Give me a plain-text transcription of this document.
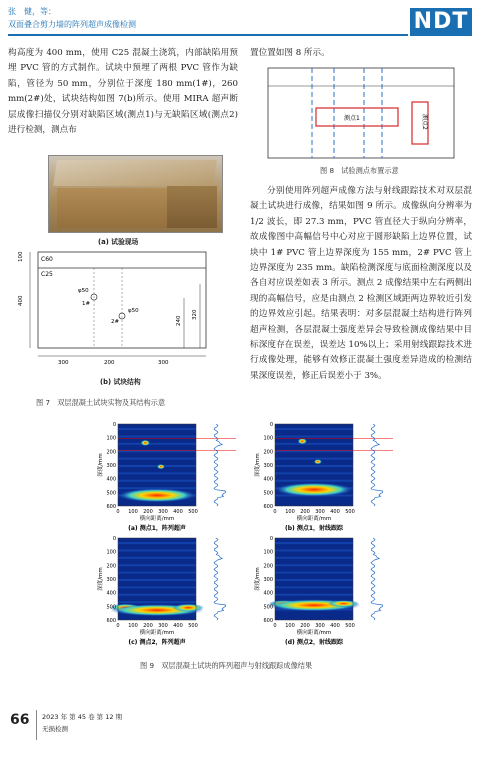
张　健，等：
双面叠合剪力墙的阵列超声成像检测	NDT
构高度为 400 mm，使用 C25 混凝土浇筑，内部缺陷用预埋 PVC 管的方式制作。试块中预埋了两根 PVC 管作为缺陷，管径为 50 mm，分别位于深度 180 mm(1#)，260 mm(2#)处，试块结构如图 7(b)所示。使用 MIRA 超声断层成像扫描仪分别对缺陷区域(测点1)与无缺陷区域(测点2)进行检测，测点布
(a) 试验现场
C60
C25
φ50
1#
φ50
2#
100
400
240
320
300	200	300
(b) 试块结构
图 7　双层混凝土试块实物及其结构示意
置位置如图 8 所示。
测点1	测点2
图 8　试验测点布置示意
分别使用阵列超声成像方法与射线跟踪技术对双层混凝土试块进行成像，结果如图 9 所示。成像纵向分辨率为 1/2 波长，即 27.3 mm，PVC 管直径大于纵向分辨率，故成像图中高幅信号中心对应于圆形缺陷上边界位置，试块中 1# PVC 管上边界深度为 155 mm，2# PVC 管上边界深度为 235 mm。缺陷检测深度与底面检测深度以及各自对应误差如表 3 所示。测点 2 成像结果中左右两侧出现的高幅信号，应是由测点 2 检测区域距两边界较近引发的边界效应引起。结果表明：对多层混凝土结构进行阵列超声检测，各层混凝土强度差异会导致检测成像结果中目标深度存在误差，误差达 10%以上；采用射线跟踪技术进行成像处理，能够有效修正混凝土强度差异造成的检测结果深度误差，修正后误差小于 3%。
0
100
200
300
400
500
600
0 100 200 300 400 500
深度/mm
横向距离/mm
(a) 测点1，阵列超声
0
100
200
300
400
500
600
0 100 200 300 400 500
深度/mm
横向距离/mm
(b) 测点1，射线跟踪
0
100
200
300
400
500
600
0 100 200 300 400 500
深度/mm
横向距离/mm
(c) 测点2，阵列超声
0
100
200
300
400
500
600
0 100 200 300 400 500
深度/mm
横向距离/mm
(d) 测点2，射线跟踪
图 9　双层混凝土试块的阵列超声与射线跟踪成像结果
66 2023 年 第 45 卷 第 12 期
无损检测
